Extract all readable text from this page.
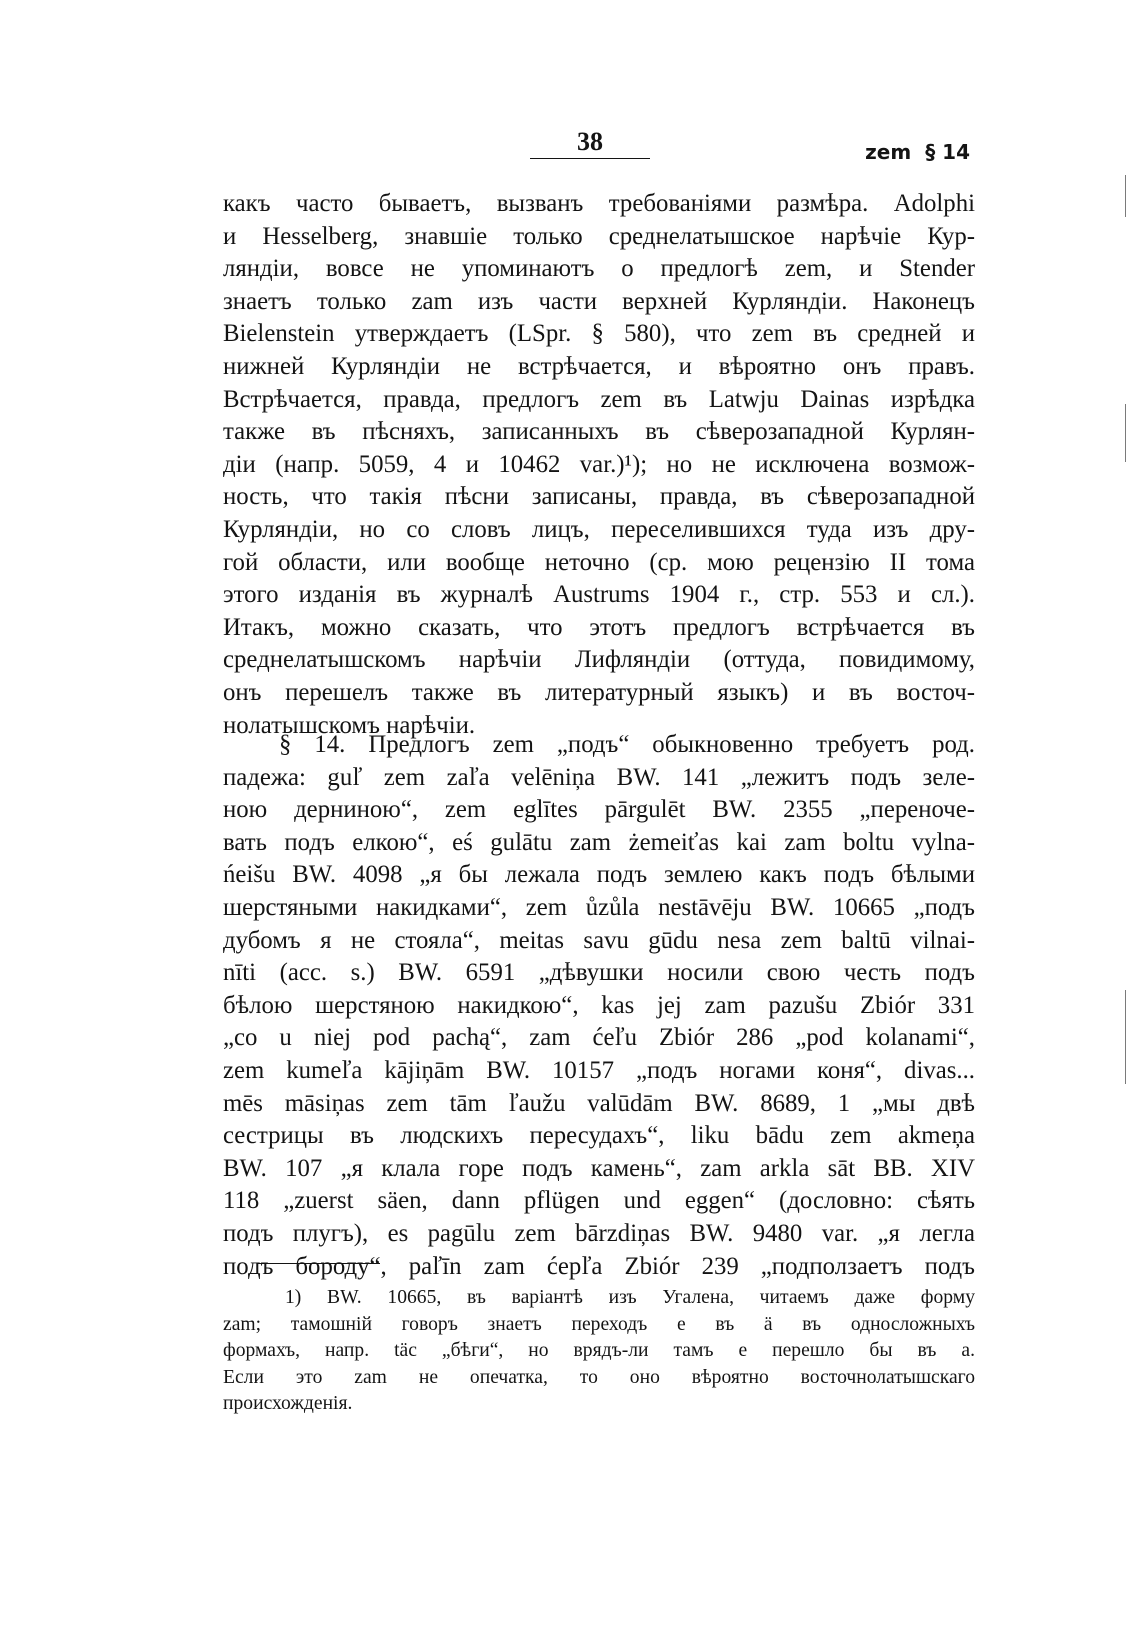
38	zem § 14
какъ часто бываетъ, вызванъ требованіями размѣра. Adolphi
и Hesselberg, знавшіе только среднелатышское нарѣчіе Кур-
ляндіи, вовсе не упоминаютъ о предлогѣ zem, и Stender
знаетъ только zam изъ части верхней Курляндіи. Наконецъ
Bielenstein утверждаетъ (LSpr. § 580), что zem въ средней и
нижней Курляндіи не встрѣчается, и вѣроятно онъ правъ.
Встрѣчается, правда, предлогъ zem въ Latwju Dainas изрѣдка
также въ пѣсняхъ, записанныхъ въ сѣверозападной Курлян-
діи (напр. 5059, 4 и 10462 var.)¹); но не исключена возмож-
ность, что такія пѣсни записаны, правда, въ сѣверозападной
Курляндіи, но со словъ лицъ, переселившихся туда изъ дру-
гой области, или вообще неточно (ср. мою рецензію II тома
этого изданія въ журналѣ Austrums 1904 г., стр. 553 и сл.).
Итакъ, можно сказать, что этотъ предлогъ встрѣчается въ
среднелатышскомъ нарѣчіи Лифляндіи (оттуда, повидимому,
онъ перешелъ также въ литературный языкъ) и въ восточ-
нолатышскомъ нарѣчіи.
§ 14. Предлогъ zem „подъ“ обыкновенно требуетъ род.
падежа: guľ zem zaľa velēniņa BW. 141 „лежитъ подъ зеле-
ною дерниною“, zem eglītes pārgulēt BW. 2355 „переноче-
вать подъ елкою“, eś gulātu zam żemeiťas kai zam boltu vylna-
ńeišu BW. 4098 „я бы лежала подъ землею какъ подъ бѣлыми
шерстяными накидками“, zem ůzůla nestāvēju BW. 10665 „подъ
дубомъ я не стояла“, meitas savu gūdu nesa zem baltū vilnai-
nīti (acc. s.) BW. 6591 „дѣвушки носили свою честь подъ
бѣлою шерстяною накидкою“, kas jej zam pazušu Zbiór 331
„co u niej pod pachą“, zam ćeľu Zbiór 286 „pod kolanami“,
zem kumeľa kājiņām BW. 10157 „подъ ногами коня“, divas...
mēs māsiņas zem tām ľaužu valūdām BW. 8689, 1 „мы двѣ
сестрицы въ людскихъ пересудахъ“, liku bādu zem akmeņa
BW. 107 „я клала горе подъ камень“, zam arkla sāt BB. XIV
118 „zuerst säen, dann pflügen und eggen“ (дословно: сѣять
подъ плугъ), es pagūlu zem bārzdiņas BW. 9480 var. „я легла
подъ бороду“, paľīn zam ćepľa Zbiór 239 „подползаетъ подъ
1) BW. 10665, въ варіантѣ изъ Угалена, читаемъ даже форму
zam; тамошній говоръ знаетъ переходъ e въ ä въ односложныхъ
формахъ, напр. täc „бѣги“, но врядъ-ли тамъ e перешло бы въ a.
Если это zam не опечатка, то оно вѣроятно восточнолатышскаго
происхожденія.
